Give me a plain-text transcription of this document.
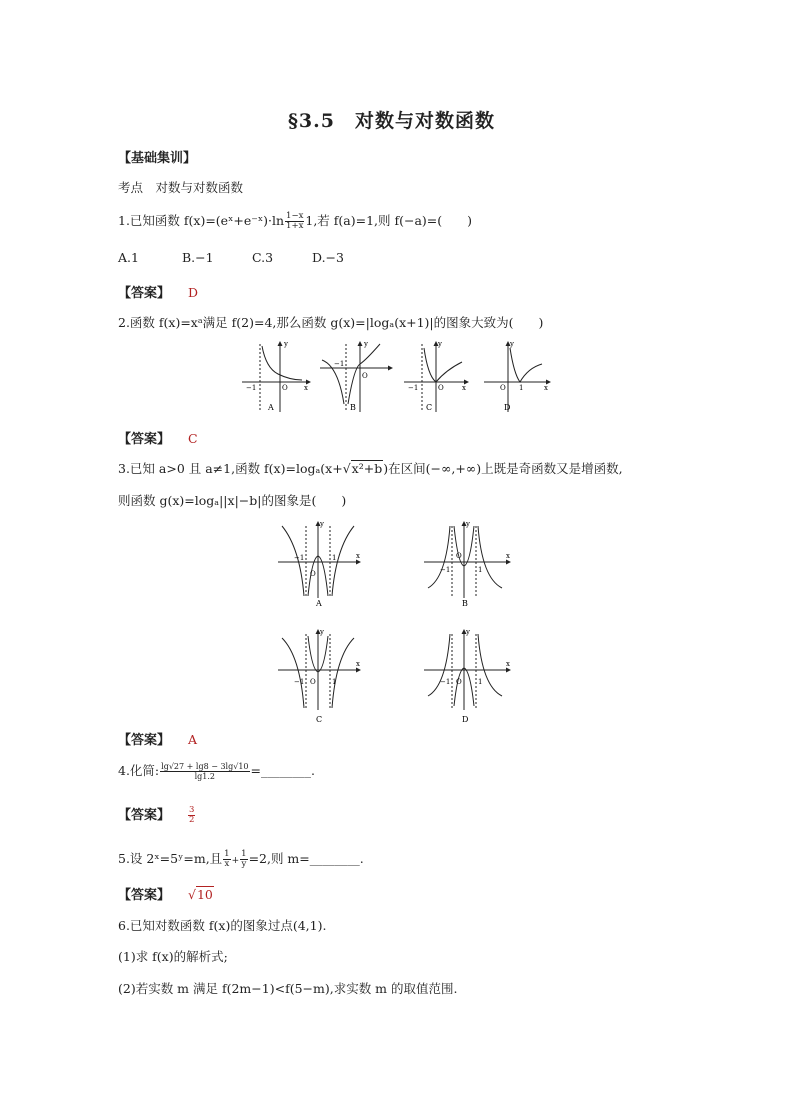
§3.5　对数与对数函数
【基础集训】
考点　对数与对数函数
1.已知函数 f(x)=(eˣ+e⁻ˣ)·ln $\frac{1-x}{1+x} 1$,若 f(a)=1,则 f(−a)=(　　)
A.1	B.−1	C.3	D.−3
【答案】 D
2.函数 f(x)=xᵃ满足 f(2)=4,那么函数 g(x)=|logₐ(x+1)|的图象大致为(　　)
y
x
O
−1
A
y
−1
O
B
y
−1	O	x
C
y
O 1	x
D
【答案】 C
3.已知 a>0 且 a≠1,函数 f(x)=logₐ(x+√x²+b)在区间(−∞,+∞)上既是奇函数又是增函数,
则函数 g(x)=logₐ||x|−b|的图象是(　　)
O
−1	1	x
y
A
O
−1	1
x
y
B
O
−1	1
x
y
C
O
−1	1
x
y
D
【答案】 A
4.化简: $\frac{\lg√27 + \lg 8 - 3\lg√10}{\lg 1.2}$ =________.
【答案】 $\frac{3}{2}$
5.设 2ˣ=5ʸ=m,且 $\frac{1}{x} + \frac{1}{y} =2$,则 m=________.
【答案】 √10
6.已知对数函数 f(x)的图象过点(4,1).
(1)求 f(x)的解析式;
(2)若实数 m 满足 f(2m−1)<f(5−m),求实数 m 的取值范围.
